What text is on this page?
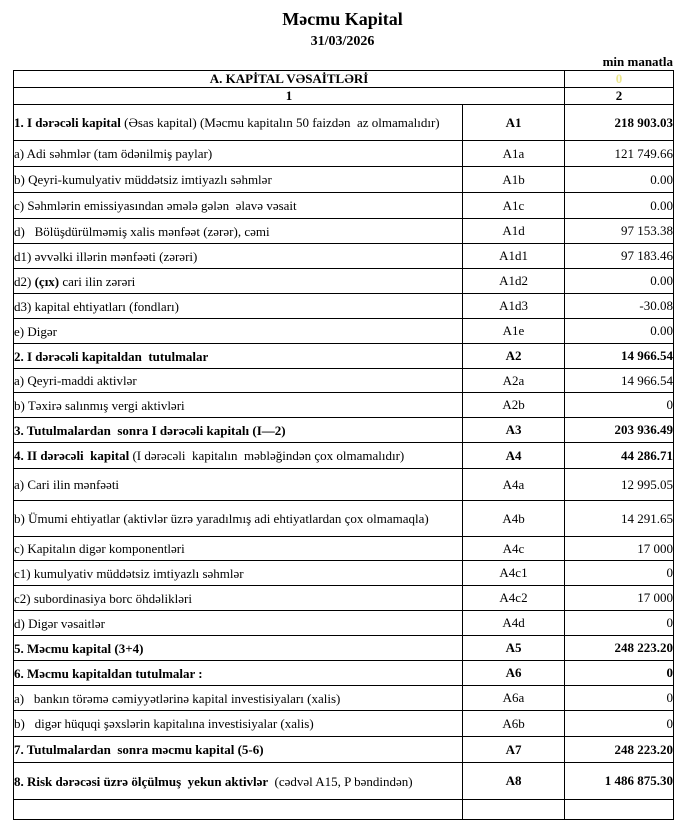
Məcmu Kapital
31/03/2026
min manatla
A. KAPİTAL VƏSAİTLƏRİ		0
1		2
1. I dərəcəli kapital (Əsas kapital) (Məcmu kapitalın 50 faizdən  az olmamalıdır)	A1	218 903.03
a) Adi səhmlər (tam ödənilmiş paylar)	A1a	121 749.66
b) Qeyri-kumulyativ müddətsiz imtiyazlı səhmlər	A1b	0.00
c) Səhmlərin emissiyasından əmələ gələn  əlavə vəsait	A1c	0.00
d)   Bölüşdürülməmiş xalis mənfəət (zərər), cəmi	A1d	97 153.38
d1) əvvəlki illərin mənfəəti (zərəri)	A1d1	97 183.46
d2) (çıx) cari ilin zərəri	A1d2	0.00
d3) kapital ehtiyatları (fondları)	A1d3	-30.08
e) Digər	A1e	0.00
2. I dərəcəli kapitaldan  tutulmalar	A2	14 966.54
a) Qeyri-maddi aktivlər	A2a	14 966.54
b) Təxirə salınmış vergi aktivləri	A2b	0
3. Tutulmalardan  sonra I dərəcəli kapitalı (I—2)	A3	203 936.49
4. II dərəcəli  kapital (I dərəcəli  kapitalın  məbləğindən çox olmamalıdır)	A4	44 286.71
a) Cari ilin mənfəəti	A4a	12 995.05
b) Ümumi ehtiyatlar (aktivlər üzrə yaradılmış adi ehtiyatlardan çox olmamaqla)	A4b	14 291.65
c) Kapitalın digər komponentləri	A4c	17 000
c1) kumulyativ müddətsiz imtiyazlı səhmlər	A4c1	0
c2) subordinasiya borc öhdəlikləri	A4c2	17 000
d) Digər vəsaitlər	A4d	0
5. Məcmu kapital (3+4)	A5	248 223.20
6. Məcmu kapitaldan tutulmalar :	A6	0
a)   bankın törəmə cəmiyyətlərinə kapital investisiyaları (xalis)	A6a	0
b)   digər hüquqi şəxslərin kapitalına investisiyalar (xalis)	A6b	0
7. Tutulmalardan  sonra məcmu kapital (5-6)	A7	248 223.20
8. Risk dərəcəsi üzrə ölçülmuş  yekun aktivlər  (cədvəl A15, P bəndindən)	A8	1 486 875.30
